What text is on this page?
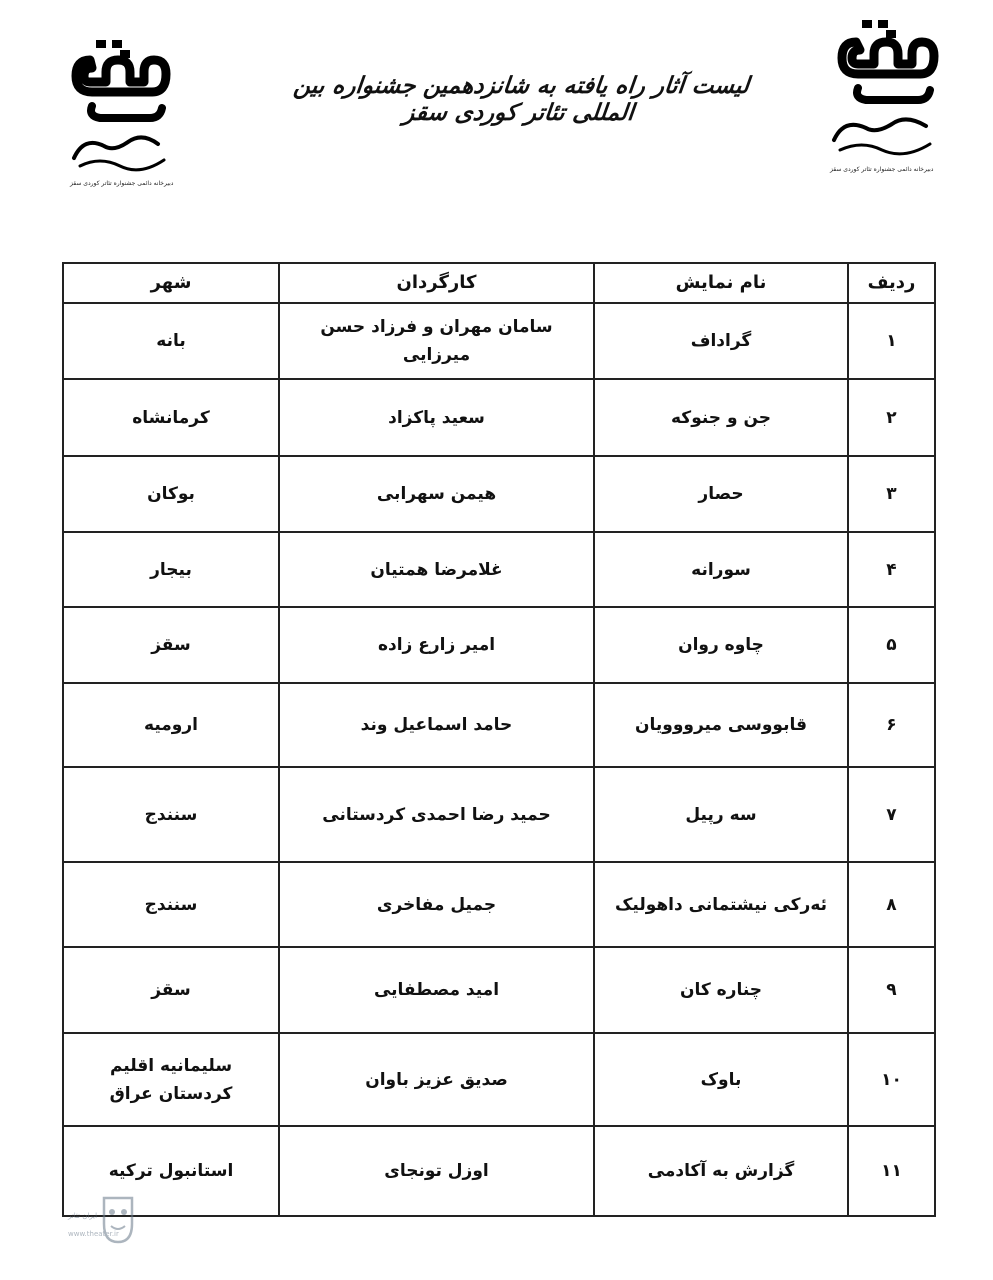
دبیرخانه دائمی جشنواره تئاتر کوردی سقز
دبیرخانه دائمی جشنواره تئاتر کوردی سقز
لیست آثار راه یافته به شانزدهمین جشنواره بین المللی تئاتر کوردی سقز
ردیف	نام نمایش	کارگردان	شهر
۱	گراداف	سامان مهران و فرزاد حسن میرزایی	بانه
۲	جن و جنوکه	سعید پاکزاد	کرمانشاه
۳	حصار	هیمن سهرابی	بوکان
۴	سورانه	غلامرضا همتیان	بیجار
۵	چاوه روان	امیر زارع زاده	سقز
۶	قابووسی میرووویان	حامد اسماعیل وند	ارومیه
۷	سه رپیل	حمید رضا احمدی کردستانی	سنندج
۸	ئەرکی نیشتمانی داهولیک	جمیل مفاخری	سنندج
۹	چناره کان	امید مصطفایی	سقز
۱۰	باوک	صدیق عزیز باوان	سلیمانیه اقلیم کردستان عراق
۱۱	گزارش به آکادمی	اوزل تونجای	استانبول ترکیه
ایران تئاتر
www.theater.ir
